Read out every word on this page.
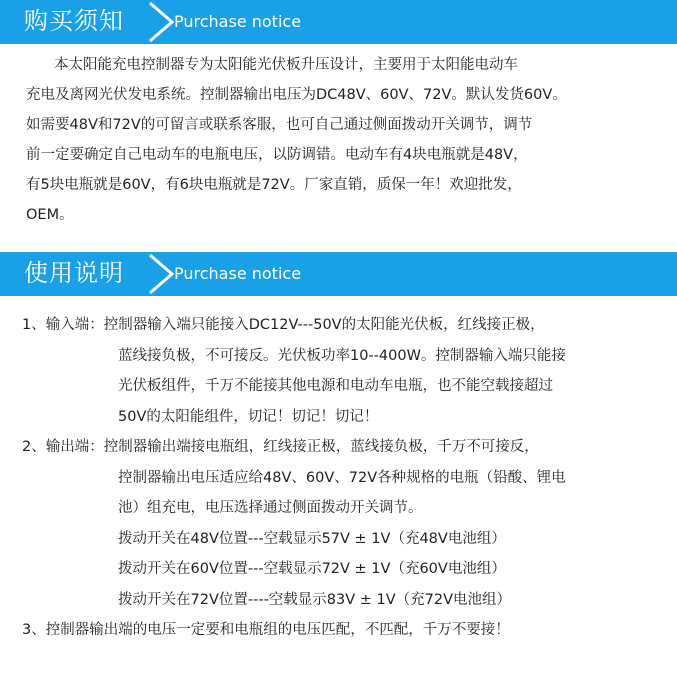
购买须知	Purchase notice
本太阳能充电控制器专为太阳能光伏板升压设计，主要用于太阳能电动车
充电及离网光伏发电系统。控制器输出电压为DC48V、60V、72V。默认发货60V。
如需要48V和72V的可留言或联系客服，也可自己通过侧面拨动开关调节，调节
前一定要确定自己电动车的电瓶电压，以防调错。电动车有4块电瓶就是48V，
有5块电瓶就是60V，有6块电瓶就是72V。厂家直销，质保一年！欢迎批发，
OEM。
使用说明	Purchase notice
1、输入端：控制器输入端只能接入DC12V---50V的太阳能光伏板，红线接正极，
蓝线接负极，不可接反。光伏板功率10--400W。控制器输入端只能接
光伏板组件，千万不能接其他电源和电动车电瓶，也不能空载接超过
50V的太阳能组件，切记！切记！切记！
2、输出端：控制器输出端接电瓶组，红线接正极，蓝线接负极，千万不可接反，
控制器输出电压适应给48V、60V、72V各种规格的电瓶（铅酸、锂电
池）组充电，电压选择通过侧面拨动开关调节。
拨动开关在48V位置---空载显示57V ± 1V（充48V电池组）
拨动开关在60V位置---空载显示72V ± 1V（充60V电池组）
拨动开关在72V位置----空载显示83V ± 1V（充72V电池组）
3、控制器输出端的电压一定要和电瓶组的电压匹配，不匹配，千万不要接！
